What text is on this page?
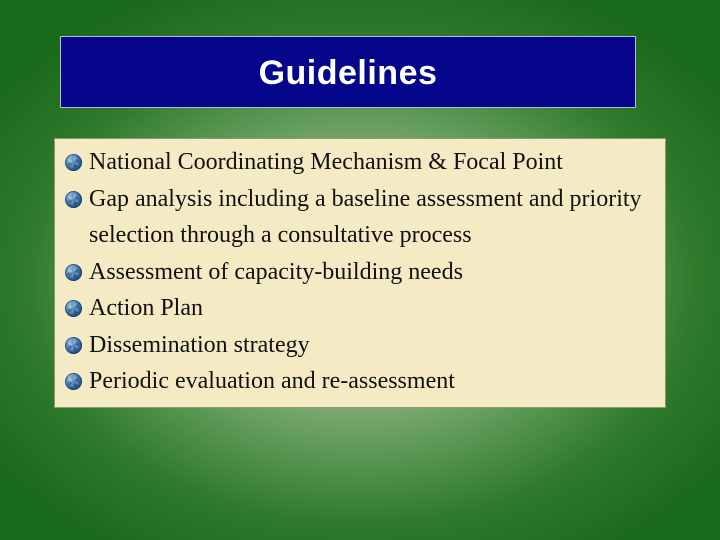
Guidelines
National Coordinating Mechanism & Focal Point
Gap analysis including a baseline assessment and priority selection through a consultative process
Assessment of capacity-building needs
Action Plan
Dissemination strategy
Periodic evaluation and re-assessment
